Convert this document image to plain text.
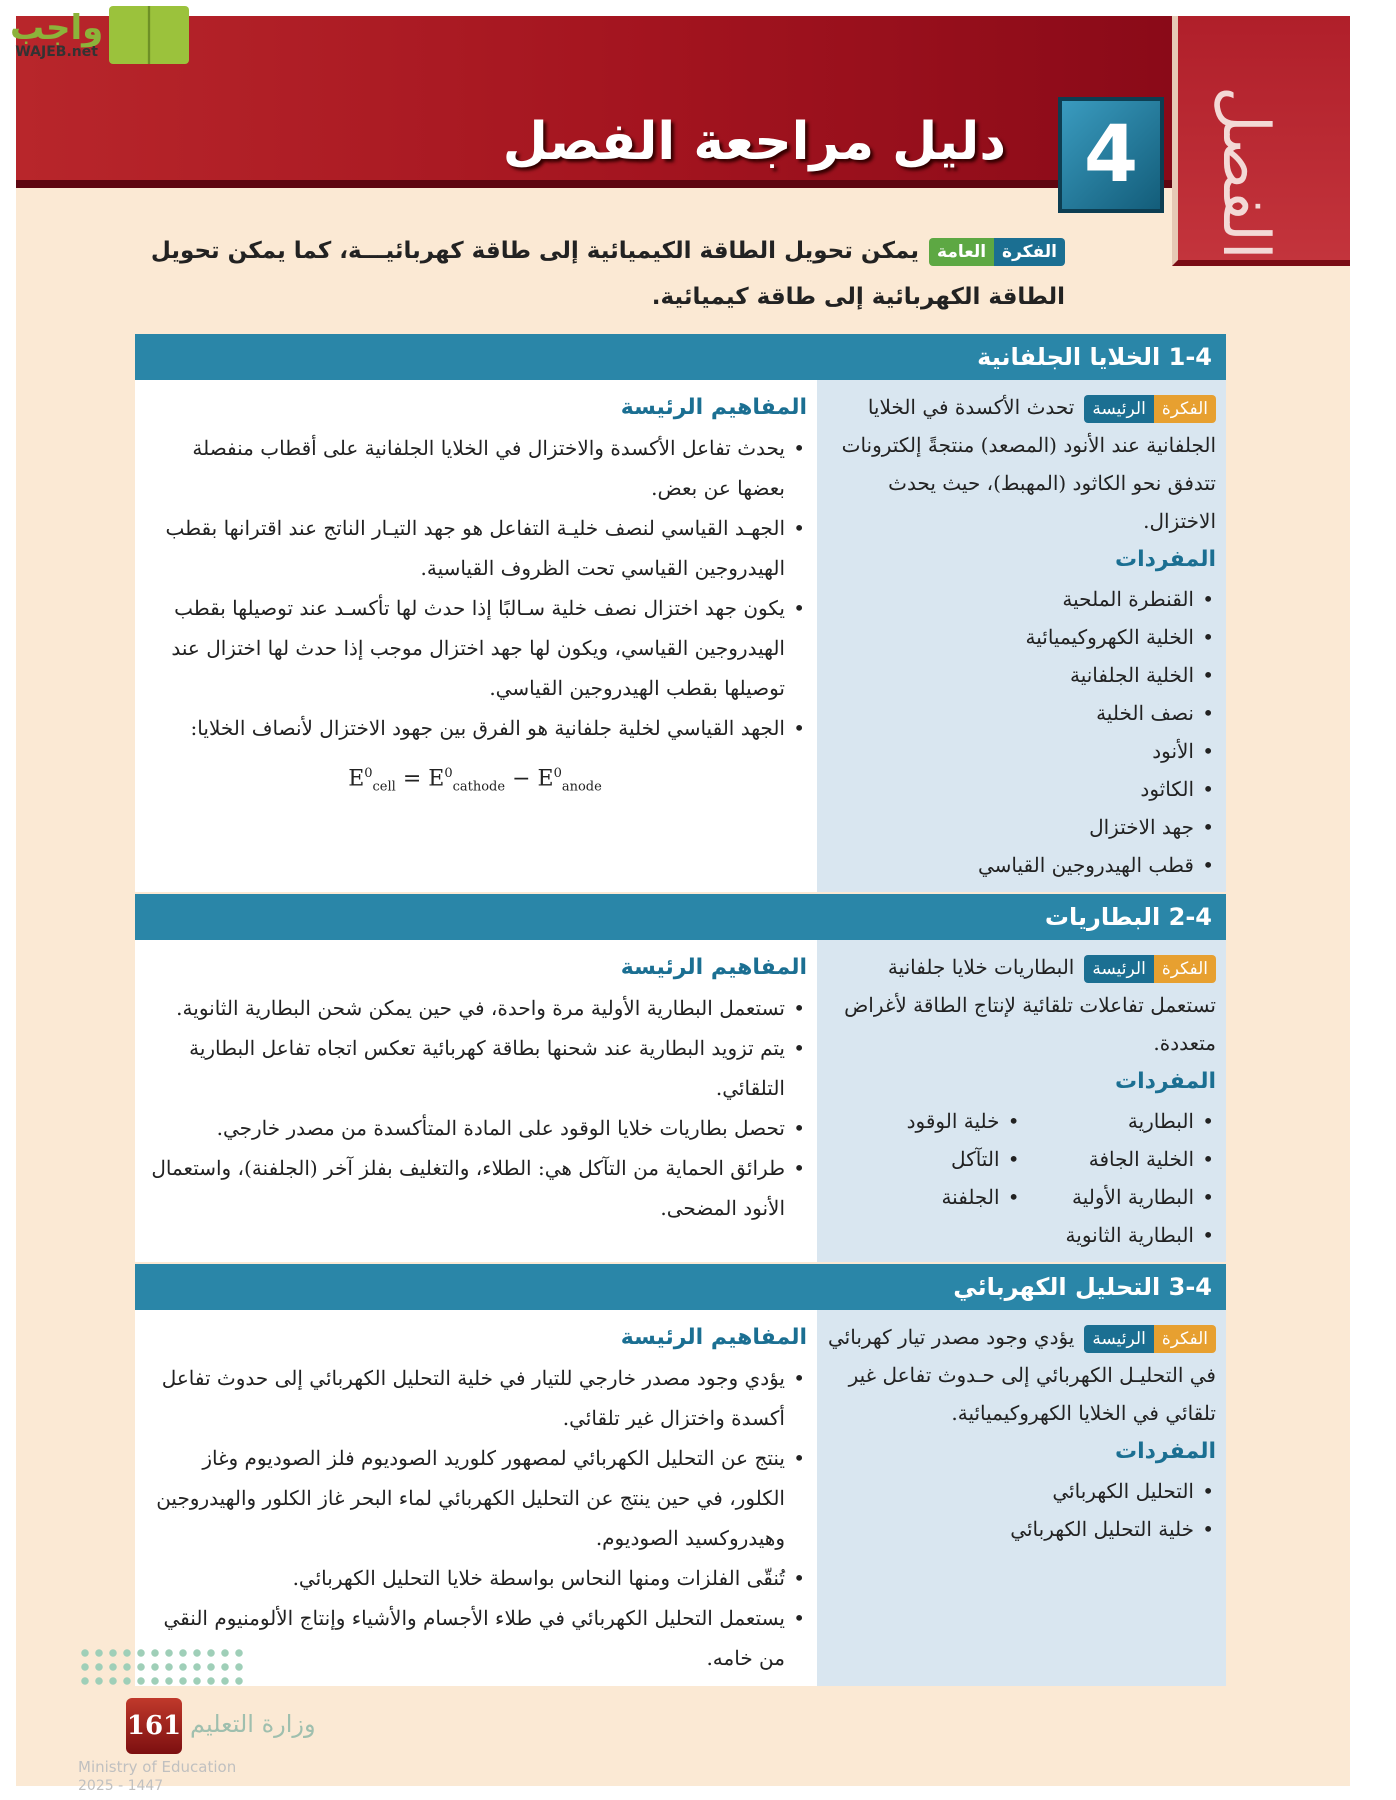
الفصل
4
دليل مراجعة الفصل
واجب
WAJEB.net
الفكرة
العامة
يمكن تحويل الطاقة الكيميائية إلى طاقة كهربائيـــة، كما يمكن تحويل الطاقة الكهربائية إلى طاقة كيميائية.
1-4 الخلايا الجلفانية
المفاهيم الرئيسة
• يحدث تفاعل الأكسدة والاختزال في الخلايا الجلفانية على أقطاب منفصلة بعضها عن بعض.
• الجهـد القياسي لنصف خليـة التفاعل هو جهد التيـار الناتج عند اقترانها بقطب الهيدروجين القياسي تحت الظروف القياسية.
• يكون جهد اختزال نصف خلية سـالبًا إذا حدث لها تأكسـد عند توصيلها بقطب الهيدروجين القياسي، ويكون لها جهد اختزال موجب إذا حدث لها اختزال عند توصيلها بقطب الهيدروجين القياسي.
• الجهد القياسي لخلية جلفانية هو الفرق بين جهود الاختزال لأنصاف الخلايا:
$E^0_{cell} = E^0_{cathode} - E^0_{anode}$
الفكرة
الرئيسة
تحدث الأكسدة في الخلايا الجلفانية عند الأنود (المصعد) منتجةً إلكترونات تتدفق نحو الكاثود (المهبط)، حيث يحدث الاختزال.
المفردات
• القنطرة الملحية
• الخلية الكهروكيميائية
• الخلية الجلفانية
• نصف الخلية
• الأنود
• الكاثود
• جهد الاختزال
• قطب الهيدروجين القياسي
2-4 البطاريات
المفاهيم الرئيسة
• تستعمل البطارية الأولية مرة واحدة، في حين يمكن شحن البطارية الثانوية.
• يتم تزويد البطارية عند شحنها بطاقة كهربائية تعكس اتجاه تفاعل البطارية التلقائي.
• تحصل بطاريات خلايا الوقود على المادة المتأكسدة من مصدر خارجي.
• طرائق الحماية من التآكل هي: الطلاء، والتغليف بفلز آخر (الجلفنة)، واستعمال الأنود المضحى.
الفكرة
الرئيسة
البطاريات خلايا جلفانية تستعمل تفاعلات تلقائية لإنتاج الطاقة لأغراض متعددة.
المفردات
• البطارية
• خلية الوقود
• الخلية الجافة
• التآكل
• البطارية الأولية
• الجلفنة
• البطارية الثانوية
3-4 التحليل الكهربائي
المفاهيم الرئيسة
• يؤدي وجود مصدر خارجي للتيار في خلية التحليل الكهربائي إلى حدوث تفاعل أكسدة واختزال غير تلقائي.
• ينتج عن التحليل الكهربائي لمصهور كلوريد الصوديوم فلز الصوديوم وغاز الكلور، في حين ينتج عن التحليل الكهربائي لماء البحر غاز الكلور والهيدروجين وهيدروكسيد الصوديوم.
• تُنقّى الفلزات ومنها النحاس بواسطة خلايا التحليل الكهربائي.
• يستعمل التحليل الكهربائي في طلاء الأجسام والأشياء وإنتاج الألومنيوم النقي من خامه.
الفكرة
الرئيسة
يؤدي وجود مصدر تيار كهربائي في التحليـل الكهربائي إلى حـدوث تفاعل غير تلقائي في الخلايا الكهروكيميائية.
المفردات
• التحليل الكهربائي
• خلية التحليل الكهربائي
161 وزارة التعليم
Ministry of Education
2025 - 1447
